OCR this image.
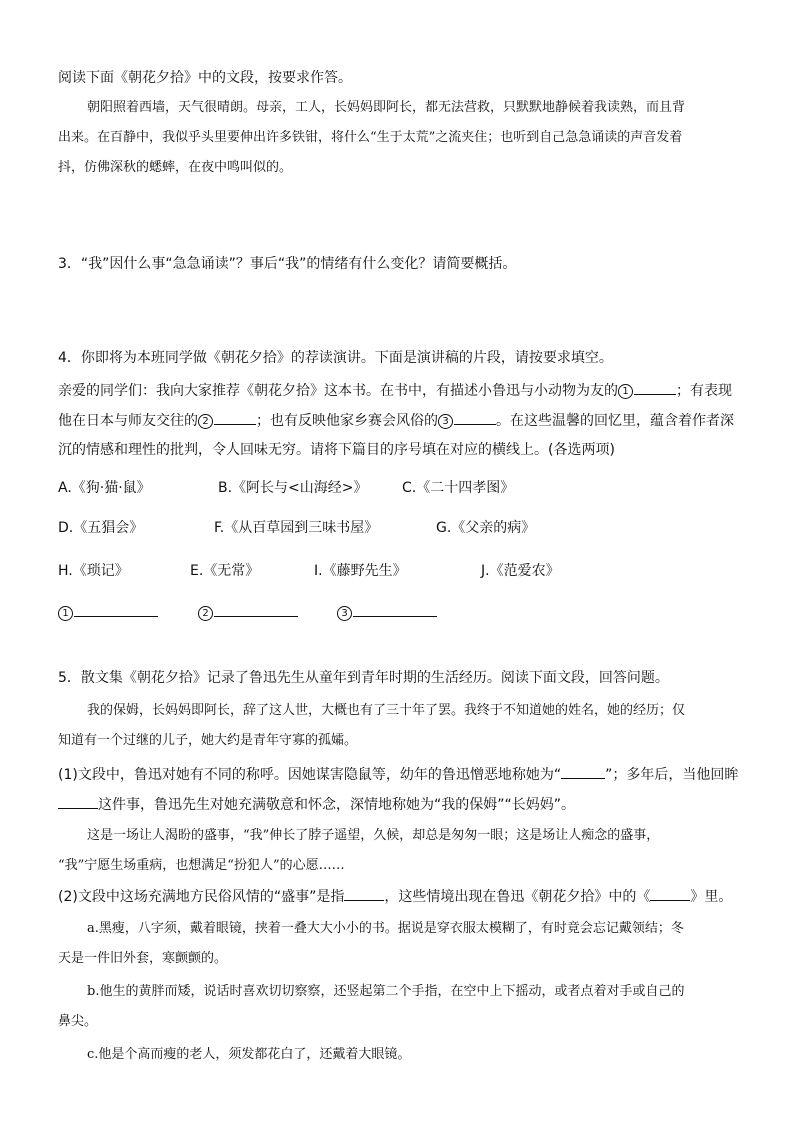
阅读下面《朝花夕拾》中的文段，按要求作答。
朝阳照着西墙，天气很晴朗。母亲，工人，长妈妈即阿长，都无法营救，只默默地静候着我读熟，而且背
出来。在百静中，我似乎头里要伸出许多铁钳，将什么“生于太荒”之流夹住；也听到自己急急诵读的声音发着
抖，仿佛深秋的蟋蟀，在夜中鸣叫似的。
3．“我”因什么事“急急诵读”？事后“我”的情绪有什么变化？请简要概括。
4．你即将为本班同学做《朝花夕拾》的荐读演讲。下面是演讲稿的片段，请按要求填空。
亲爱的同学们：我向大家推荐《朝花夕拾》这本书。在书中，有描述小鲁迅与小动物为友的 1	；有表现
他在日本与师友交往的 2	；也有反映他家乡赛会风俗的 3	。在这些温馨的回忆里，蕴含着作者深
沉的情感和理性的批判，令人回味无穷。请将下篇目的序号填在对应的横线上。(各选两项)
A.《狗·猫·鼠》	B.《阿长与<山海经>》 C.《二十四孝图》
D.《五猖会》	F.《从百草园到三味书屋》	G.《父亲的病》
H.《琐记》	E.《无常》	I.《藤野先生》	J.《范爱农》
1	2	3
5．散文集《朝花夕拾》记录了鲁迅先生从童年到青年时期的生活经历。阅读下面文段，回答问题。
我的保姆，长妈妈即阿长，辞了这人世，大概也有了三十年了罢。我终于不知道她的姓名，她的经历；仅
知道有一个过继的儿子，她大约是青年守寡的孤孀。
(1)文段中，鲁迅对她有不同的称呼。因她谋害隐鼠等，幼年的鲁迅憎恶地称她为“	”；多年后，当他回眸
这件事，鲁迅先生对她充满敬意和怀念，深情地称她为“我的保姆”“长妈妈”。
这是一场让人渴盼的盛事，“我”伸长了脖子遥望，久候，却总是匆匆一眼；这是场让人痴念的盛事，
“我”宁愿生场重病，也想满足“扮犯人”的心愿……
(2)文段中这场充满地方民俗风情的“盛事”是指	，这些情境出现在鲁迅《朝花夕拾》中的《	》里。
a.黑瘦，八字须，戴着眼镜，挟着一叠大大小小的书。据说是穿衣服太模糊了，有时竟会忘记戴领结；冬
天是一件旧外套，寒颤颤的。
b.他生的黄胖而矮，说话时喜欢切切察察，还竖起第二个手指，在空中上下摇动，或者点着对手或自己的
鼻尖。
c.他是个高而瘦的老人，须发都花白了，还戴着大眼镜。
